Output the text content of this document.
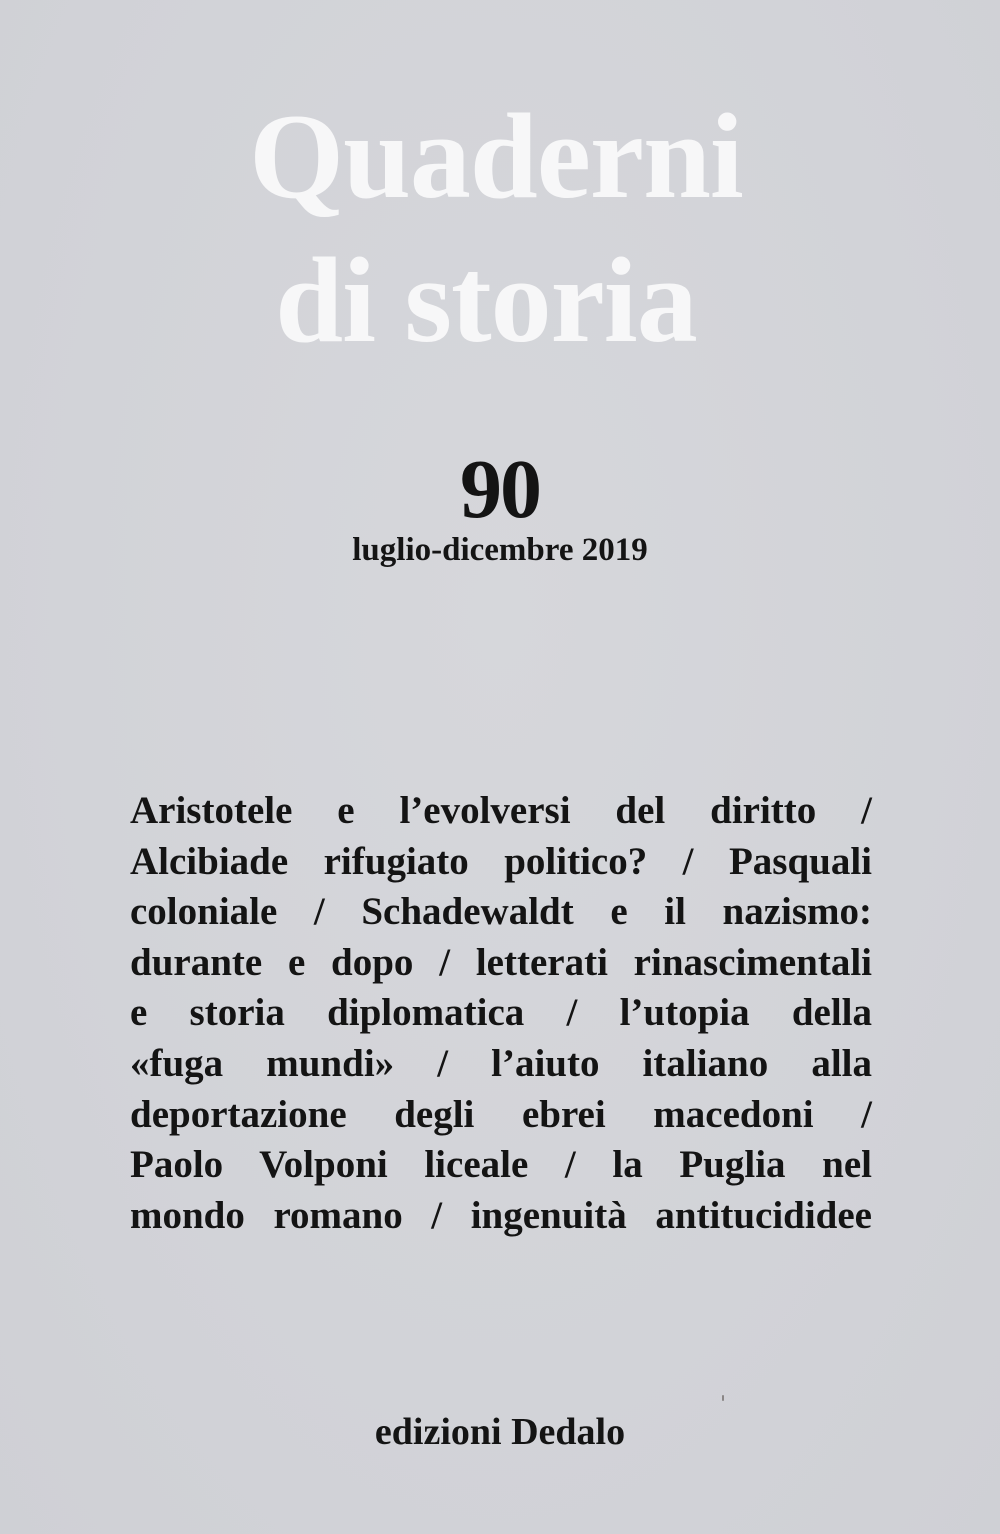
Quaderni
di storia
90
luglio-dicembre 2019
Aristotele e l’evolversi del diritto /
Alcibiade rifugiato politico? / Pasquali
coloniale / Schadewaldt e il nazismo:
durante e dopo / letterati rinascimentali
e storia diplomatica / l’utopia della
«fuga mundi» / l’aiuto italiano alla
deportazione degli ebrei macedoni /
Paolo Volponi liceale / la Puglia nel
mondo romano / ingenuità antitucididee
edizioni Dedalo
